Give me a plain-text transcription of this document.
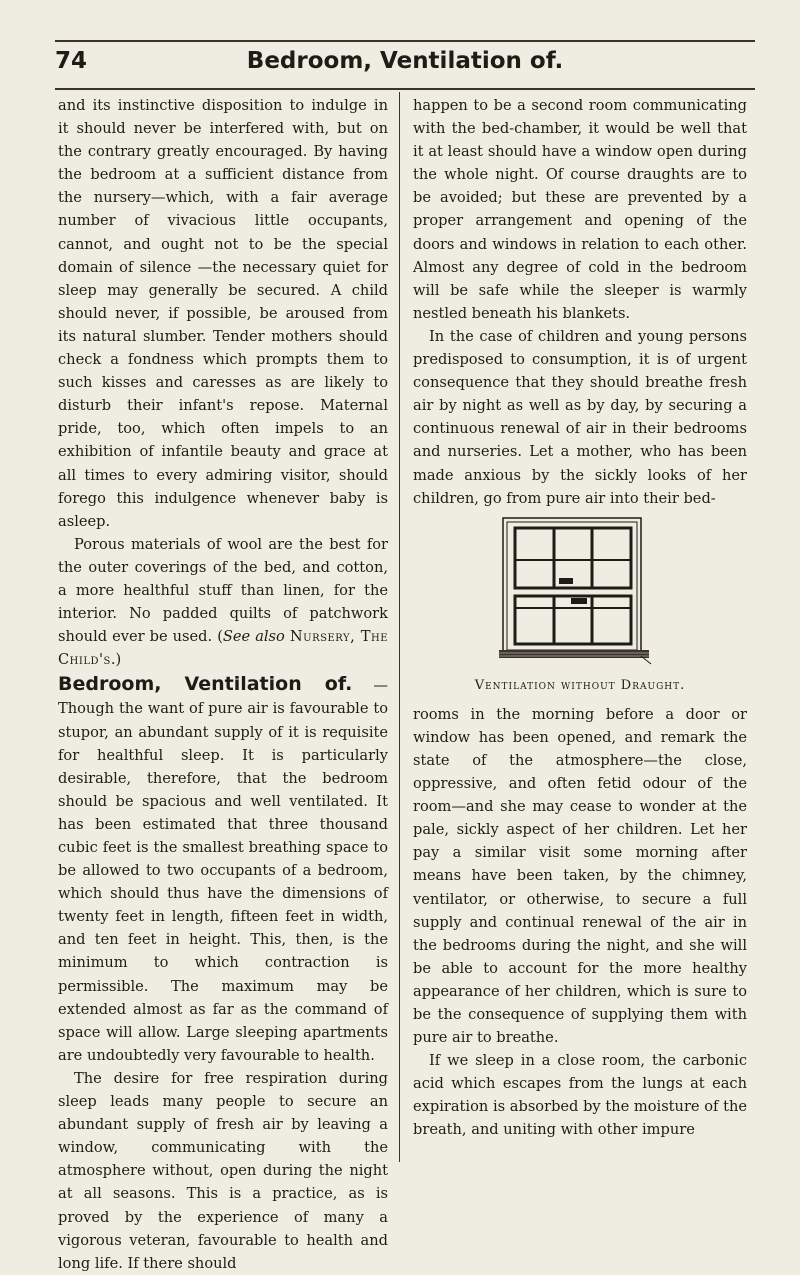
74	Bedroom, Ventilation of.

and its instinctive disposition to indulge in it should never be interfered with, but on the contrary greatly encouraged. By having the bedroom at a sufficient distance from the nursery—which, with a fair average number of vivacious little occupants, cannot, and ought not to be the special domain of silence —the necessary quiet for sleep may generally be secured. A child should never, if possible, be aroused from its natural slumber. Tender mothers should check a fondness which prompts them to such kisses and caresses as are likely to disturb their infant's repose. Maternal pride, too, which often impels to an exhibition of infantile beauty and grace at all times to every admiring visitor, should forego this indulgence whenever baby is asleep.

Porous materials of wool are the best for the outer coverings of the bed, and cotton, a more healthful stuff than linen, for the interior. No padded quilts of patchwork should ever be used. (See also Nursery, The Child's.)

Bedroom, Ventilation of. — Though the want of pure air is favourable to stupor, an abundant supply of it is requisite for healthful sleep. It is particularly desirable, therefore, that the bedroom should be spacious and well ventilated. It has been estimated that three thousand cubic feet is the smallest breathing space to be allowed to two occupants of a bedroom, which should thus have the dimensions of twenty feet in length, fifteen feet in width, and ten feet in height. This, then, is the minimum to which contraction is permissible. The maximum may be extended almost as far as the command of space will allow. Large sleeping apartments are undoubtedly very favourable to health.

The desire for free respiration during sleep leads many people to secure an abundant supply of fresh air by leaving a window, communicating with the atmosphere without, open during the night at all seasons. This is a practice, as is proved by the experience of many a vigorous veteran, favourable to health and long life. If there should

happen to be a second room communicating with the bed-chamber, it would be well that it at least should have a window open during the whole night. Of course draughts are to be avoided; but these are prevented by a proper arrangement and opening of the doors and windows in relation to each other. Almost any degree of cold in the bedroom will be safe while the sleeper is warmly nestled beneath his blankets.

In the case of children and young persons predisposed to consumption, it is of urgent consequence that they should breathe fresh air by night as well as by day, by securing a continuous renewal of air in their bedrooms and nurseries. Let a mother, who has been made anxious by the sickly looks of her children, go from pure air into their bed-

Ventilation without Draught.

rooms in the morning before a door or window has been opened, and remark the state of the atmosphere—the close, oppressive, and often fetid odour of the room—and she may cease to wonder at the pale, sickly aspect of her children. Let her pay a similar visit some morning after means have been taken, by the chimney, ventilator, or otherwise, to secure a full supply and continual renewal of the air in the bedrooms during the night, and she will be able to account for the more healthy appearance of her children, which is sure to be the consequence of supplying them with pure air to breathe.

If we sleep in a close room, the carbonic acid which escapes from the lungs at each expiration is absorbed by the moisture of the breath, and uniting with other impure
